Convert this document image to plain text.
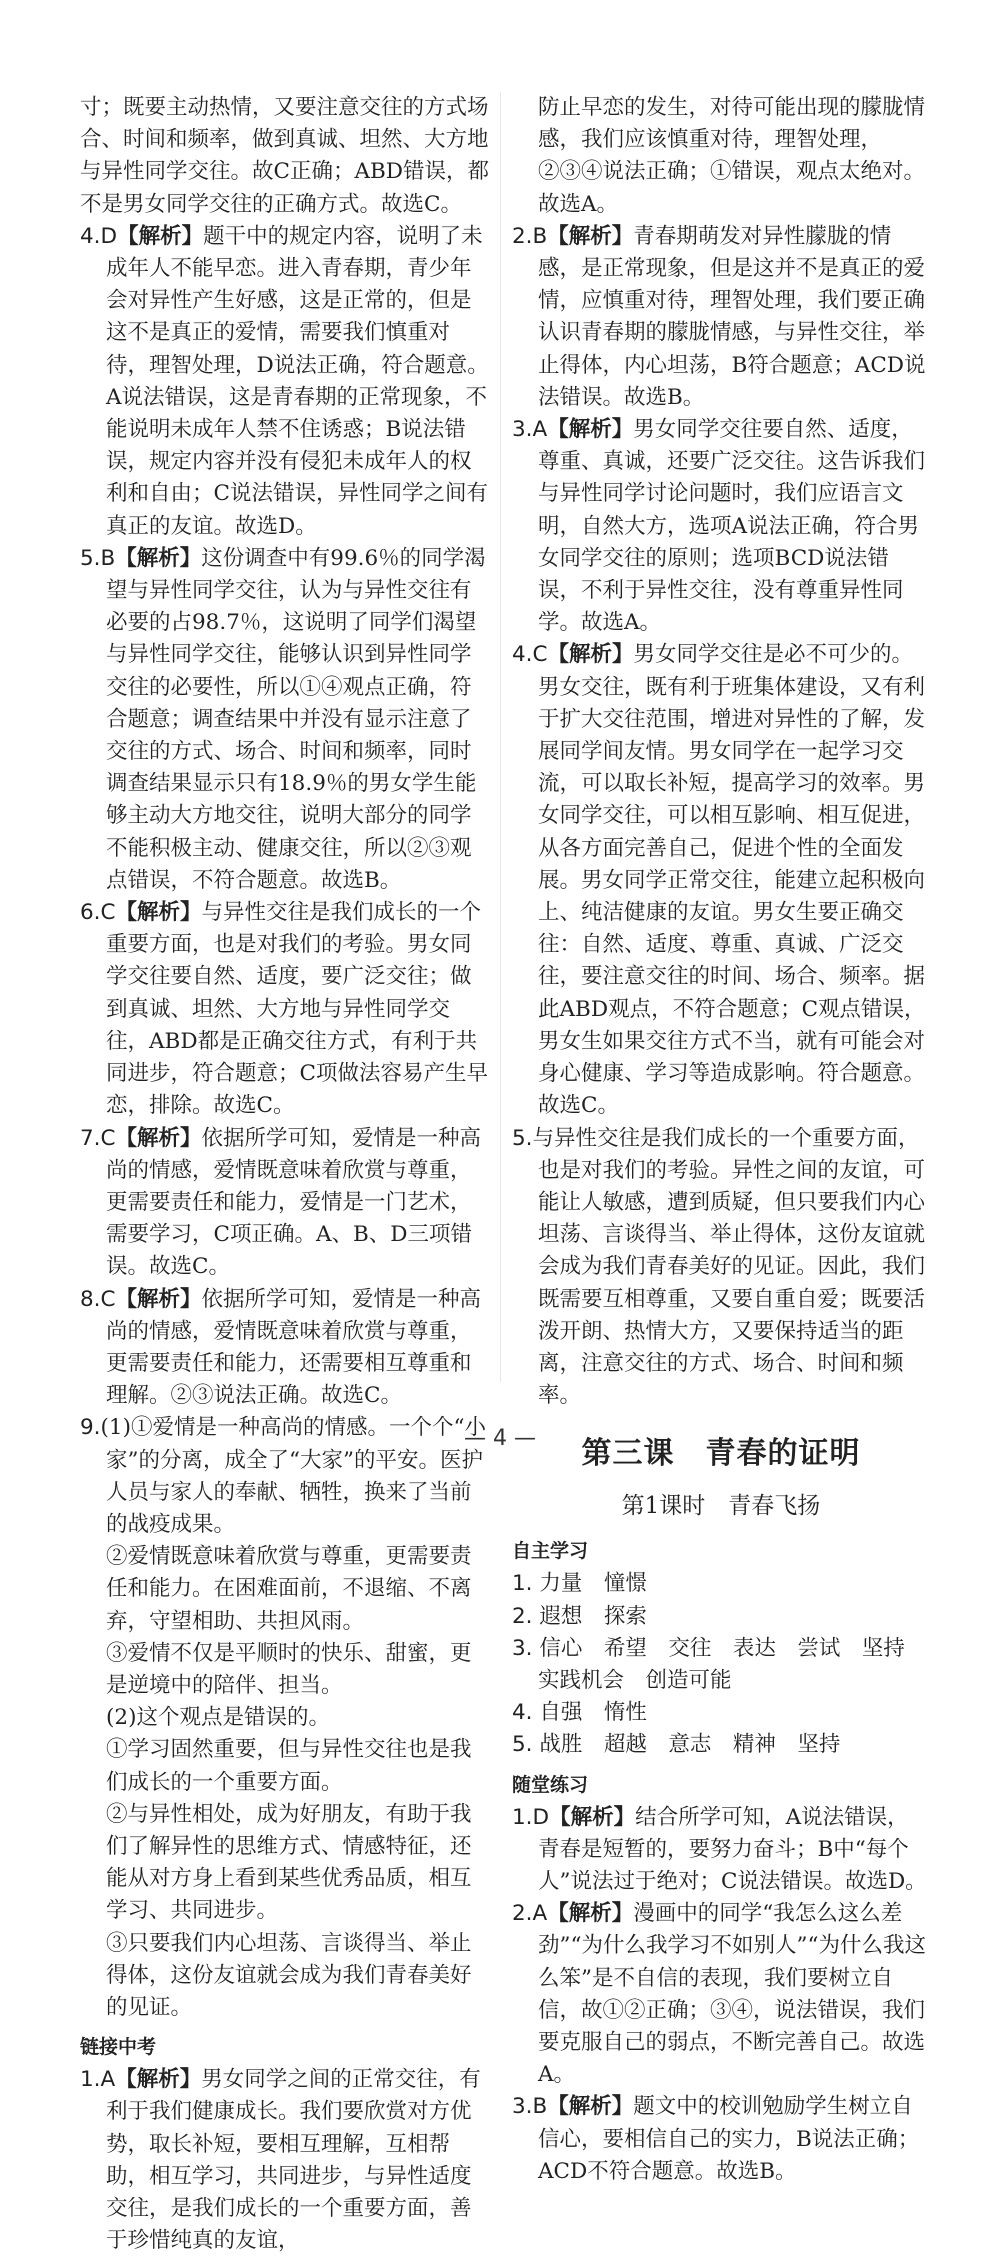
寸；既要主动热情，又要注意交往的方式场合、时间和频率，做到真诚、坦然、大方地与异性同学交往。故C正确；ABD错误，都不是男女同学交往的正确方式。故选C。

4.D【解析】题干中的规定内容，说明了未成年人不能早恋。进入青春期，青少年会对异性产生好感，这是正常的，但是这不是真正的爱情，需要我们慎重对待，理智处理，D说法正确，符合题意。A说法错误，这是青春期的正常现象，不能说明未成年人禁不住诱惑；B说法错误，规定内容并没有侵犯未成年人的权利和自由；C说法错误，异性同学之间有真正的友谊。故选D。

5.B【解析】这份调查中有99.6％的同学渴望与异性同学交往，认为与异性交往有必要的占98.7％，这说明了同学们渴望与异性同学交往，能够认识到异性同学交往的必要性，所以①④观点正确，符合题意；调查结果中并没有显示注意了交往的方式、场合、时间和频率，同时调查结果显示只有18.9％的男女学生能够主动大方地交往，说明大部分的同学不能积极主动、健康交往，所以②③观点错误，不符合题意。故选B。

6.C【解析】与异性交往是我们成长的一个重要方面，也是对我们的考验。男女同学交往要自然、适度，要广泛交往；做到真诚、坦然、大方地与异性同学交往，ABD都是正确交往方式，有利于共同进步，符合题意；C项做法容易产生早恋，排除。故选C。

7.C【解析】依据所学可知，爱情是一种高尚的情感，爱情既意味着欣赏与尊重，更需要责任和能力，爱情是一门艺术，需要学习，C项正确。A、B、D三项错误。故选C。

8.C【解析】依据所学可知，爱情是一种高尚的情感，爱情既意味着欣赏与尊重，更需要责任和能力，还需要相互尊重和理解。②③说法正确。故选C。

9.(1)①爱情是一种高尚的情感。一个个“小家”的分离，成全了“大家”的平安。医护人员与家人的奉献、牺牲，换来了当前的战疫成果。

②爱情既意味着欣赏与尊重，更需要责任和能力。在困难面前，不退缩、不离弃，守望相助、共担风雨。

③爱情不仅是平顺时的快乐、甜蜜，更是逆境中的陪伴、担当。

(2)这个观点是错误的。

①学习固然重要，但与异性交往也是我们成长的一个重要方面。

②与异性相处，成为好朋友，有助于我们了解异性的思维方式、情感特征，还能从对方身上看到某些优秀品质，相互学习、共同进步。

③只要我们内心坦荡、言谈得当、举止得体，这份友谊就会成为我们青春美好的见证。

链接中考

1.A【解析】男女同学之间的正常交往，有利于我们健康成长。我们要欣赏对方优势，取长补短，要相互理解，互相帮助，相互学习，共同进步，与异性适度交往，是我们成长的一个重要方面，善于珍惜纯真的友谊，

防止早恋的发生，对待可能出现的朦胧情感，我们应该慎重对待，理智处理，②③④说法正确；①错误，观点太绝对。故选A。

2.B【解析】青春期萌发对异性朦胧的情感，是正常现象，但是这并不是真正的爱情，应慎重对待，理智处理，我们要正确认识青春期的朦胧情感，与异性交往，举止得体，内心坦荡，B符合题意；ACD说法错误。故选B。

3.A【解析】男女同学交往要自然、适度，尊重、真诚，还要广泛交往。这告诉我们与异性同学讨论问题时，我们应语言文明，自然大方，选项A说法正确，符合男女同学交往的原则；选项BCD说法错误，不利于异性交往，没有尊重异性同学。故选A。

4.C【解析】男女同学交往是必不可少的。男女交往，既有利于班集体建设，又有利于扩大交往范围，增进对异性的了解，发展同学间友情。男女同学在一起学习交流，可以取长补短，提高学习的效率。男女同学交往，可以相互影响、相互促进，从各方面完善自己，促进个性的全面发展。男女同学正常交往，能建立起积极向上、纯洁健康的友谊。男女生要正确交往：自然、适度、尊重、真诚、广泛交往，要注意交往的时间、场合、频率。据此ABD观点，不符合题意；C观点错误，男女生如果交往方式不当，就有可能会对身心健康、学习等造成影响。符合题意。故选C。

5.与异性交往是我们成长的一个重要方面，也是对我们的考验。异性之间的友谊，可能让人敏感，遭到质疑，但只要我们内心坦荡、言谈得当、举止得体，这份友谊就会成为我们青春美好的见证。因此，我们既需要互相尊重，又要自重自爱；既要活泼开朗、热情大方，又要保持适当的距离，注意交往的方式、场合、时间和频率。

第三课　青春的证明
第1课时　青春飞扬
自主学习

1. 力量　憧憬

2. 遐想　探索

3. 信心　希望　交往　表达　尝试　坚持　实践机会　创造可能

4. 自强　惰性

5. 战胜　超越　意志　精神　坚持

随堂练习

1.D【解析】结合所学可知，A说法错误，青春是短暂的，要努力奋斗；B中“每个人”说法过于绝对；C说法错误。故选D。

2.A【解析】漫画中的同学“我怎么这么差劲”“为什么我学习不如别人”“为什么我这么笨”是不自信的表现，我们要树立自信，故①②正确；③④，说法错误，我们要克服自己的弱点，不断完善自己。故选A。

3.B【解析】题文中的校训勉励学生树立自信心，要相信自己的实力，B说法正确；ACD不符合题意。故选B。

— 4 —
